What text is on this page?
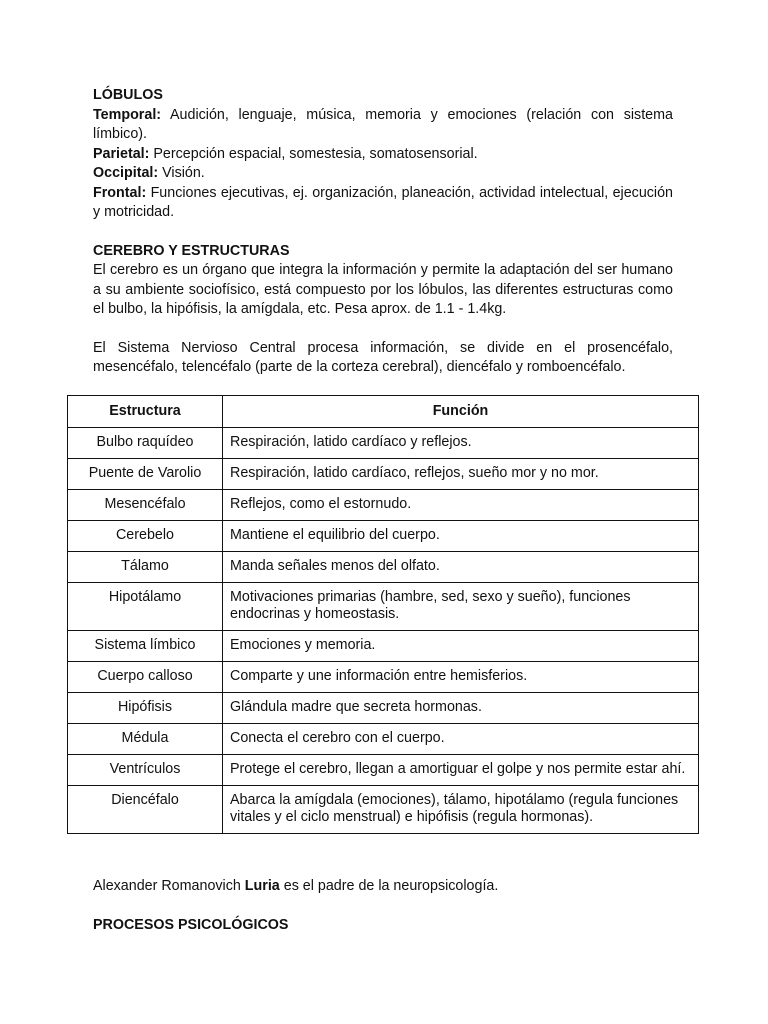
LÓBULOS

Temporal: Audición, lenguaje, música, memoria y emociones (relación con sistema límbico).

Parietal: Percepción espacial, somestesia, somatosensorial.

Occipital: Visión.

Frontal: Funciones ejecutivas, ej. organización, planeación, actividad intelectual, ejecución y motricidad.

CEREBRO Y ESTRUCTURAS

El cerebro es un órgano que integra la información y permite la adaptación del ser humano a su ambiente sociofísico, está compuesto por los lóbulos, las diferentes estructuras como el bulbo, la hipófisis, la amígdala, etc. Pesa aprox. de 1.1 - 1.4kg.

El Sistema Nervioso Central procesa información, se divide en el prosencéfalo, mesencéfalo, telencéfalo (parte de la corteza cerebral), diencéfalo y romboencéfalo.

Estructura	Función
Bulbo raquídeo	Respiración, latido cardíaco y reflejos.
Puente de Varolio	Respiración, latido cardíaco, reflejos, sueño mor y no mor.
Mesencéfalo	Reflejos, como el estornudo.
Cerebelo	Mantiene el equilibrio del cuerpo.
Tálamo	Manda señales menos del olfato.
Hipotálamo	Motivaciones primarias (hambre, sed, sexo y sueño), funciones endocrinas y homeostasis.
Sistema límbico	Emociones y memoria.
Cuerpo calloso	Comparte y une información entre hemisferios.
Hipófisis	Glándula madre que secreta hormonas.
Médula	Conecta el cerebro con el cuerpo.
Ventrículos	Protege el cerebro, llegan a amortiguar el golpe y nos permite estar ahí.
Diencéfalo	Abarca la amígdala (emociones), tálamo, hipotálamo (regula funciones vitales y el ciclo menstrual) e hipófisis (regula hormonas).

Alexander Romanovich Luria es el padre de la neuropsicología.

PROCESOS PSICOLÓGICOS
